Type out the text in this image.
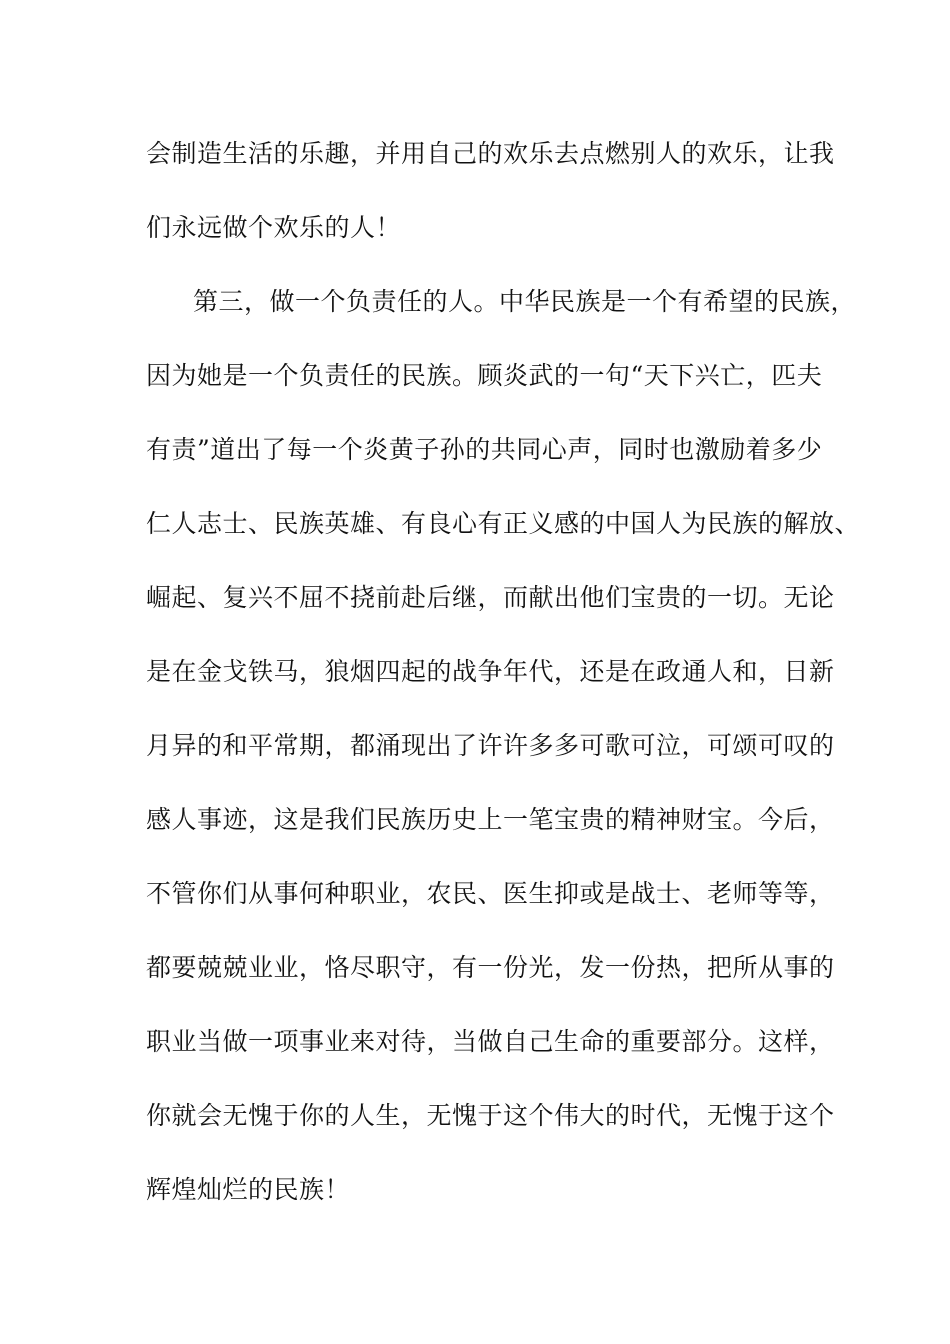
会制造生活的乐趣，并用自己的欢乐去点燃别人的欢乐，让我
们永远做个欢乐的人！
第三，做一个负责任的人。中华民族是一个有希望的民族，
因为她是一个负责任的民族。顾炎武的一句“天下兴亡，匹夫
有责”道出了每一个炎黄子孙的共同心声，同时也激励着多少
仁人志士、民族英雄、有良心有正义感的中国人为民族的解放、
崛起、复兴不屈不挠前赴后继，而献出他们宝贵的一切。无论
是在金戈铁马，狼烟四起的战争年代，还是在政通人和，日新
月异的和平常期，都涌现出了许许多多可歌可泣，可颂可叹的
感人事迹，这是我们民族历史上一笔宝贵的精神财宝。今后，
不管你们从事何种职业，农民、医生抑或是战士、老师等等，
都要兢兢业业，恪尽职守，有一份光，发一份热，把所从事的
职业当做一项事业来对待，当做自己生命的重要部分。这样，
你就会无愧于你的人生，无愧于这个伟大的时代，无愧于这个
辉煌灿烂的民族！
